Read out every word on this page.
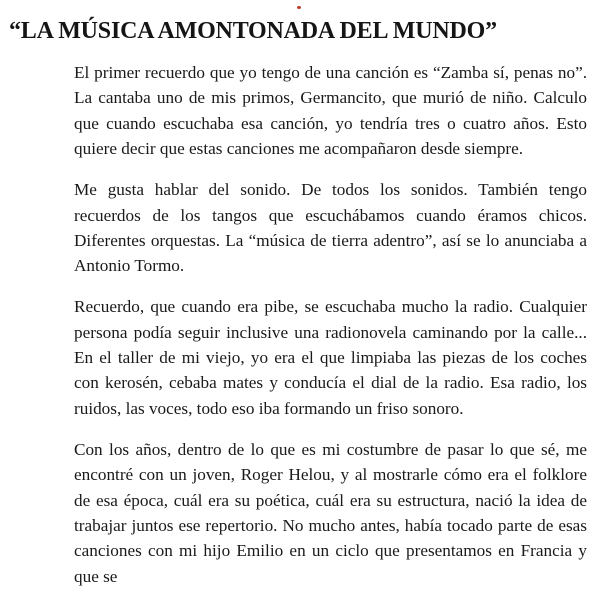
“LA MÚSICA AMONTONADA DEL MUNDO”

El primer recuerdo que yo tengo de una canción es “Zamba sí, penas no”. La cantaba uno de mis primos, Germancito, que murió de niño. Calculo que cuando escuchaba esa canción, yo tendría tres o cuatro años. Esto quiere decir que estas canciones me acompañaron desde siempre.

Me gusta hablar del sonido. De todos los sonidos. También tengo recuerdos de los tangos que escuchábamos cuando éramos chicos. Diferentes orquestas. La “música de tierra adentro”, así se lo anunciaba a Antonio Tormo.

Recuerdo, que cuando era pibe, se escuchaba mucho la radio. Cualquier persona podía seguir inclusive una radionovela caminando por la calle... En el taller de mi viejo, yo era el que limpiaba las piezas de los coches con kerosén, cebaba mates y conducía el dial de la radio. Esa radio, los ruidos, las voces, todo eso iba formando un friso sonoro.

Con los años, dentro de lo que es mi costumbre de pasar lo que sé, me encontré con un joven, Roger Helou, y al mostrarle cómo era el folklore de esa época, cuál era su poética, cuál era su estructura, nació la idea de trabajar juntos ese repertorio. No mucho antes, había tocado parte de esas canciones con mi hijo Emilio en un ciclo que presentamos en Francia y que se
